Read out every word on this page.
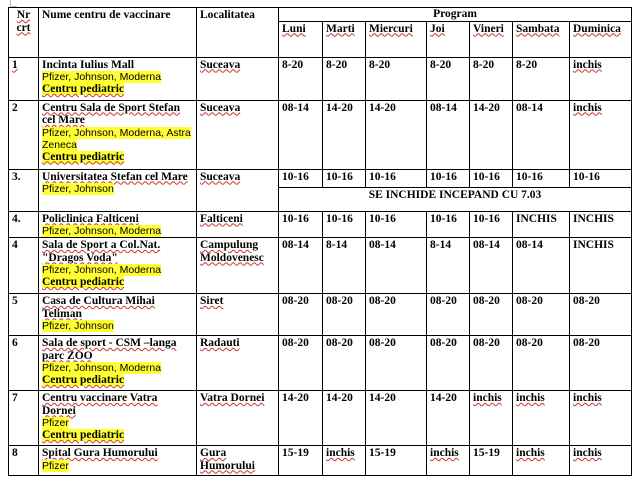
Nr crt	Nume centru de vaccinare	Localitatea	Program						
			Luni	Marti	Miercuri	Joi	Vineri	Sambata	Duminica
1	Incinta Iulius Mall
Pfizer, Johnson, Moderna
Centru pediatric	Suceava	8-20	8-20	8-20	8-20	8-20	8-20	inchis
2	Centru Sala de Sport Stefan cel Mare
Pfizer, Johnson, Moderna, Astra Zeneca
Centru pediatric	Suceava	08-14	14-20	14-20	08-14	14-20	08-14	inchis
3.	Universitatea Stefan cel Mare
Pfizer, Johnson	Suceava	10-16	10-16	10-16	10-16	10-16	10-16	10-16
			SE INCHIDE INCEPAND CU 7.03						
4.	Policlinica Falticeni
Pfizer, Johnson, Moderna	Falticeni	10-16	10-16	10-16	10-16	10-16	INCHIS	INCHIS
4	Sala de Sport a Col.Nat. "Dragos Voda"
Pfizer, Johnson, Moderna
Centru pediatric	Campulung Moldovenesc	08-14	8-14	08-14	8-14	08-14	08-14	INCHIS
5	Casa de Cultura Mihai Teliman
Pfizer, Johnson	Siret	08-20	08-20	08-20	08-20	08-20	08-20	08-20
6	Sala de sport - CSM –langa parc ZOO
Pfizer, Johnson, Moderna
Centru pediatric	Radauti	08-20	08-20	08-20	08-20	08-20	08-20	08-20
7	Centru vaccinare Vatra Dornei
Pfizer
Centru pediatric	Vatra Dornei	14-20	14-20	14-20	14-20	inchis	inchis	inchis
8	Spital Gura Humorului
Pfizer	Gura Humorului	15-19	inchis	15-19	inchis	15-19	inchis	inchis
